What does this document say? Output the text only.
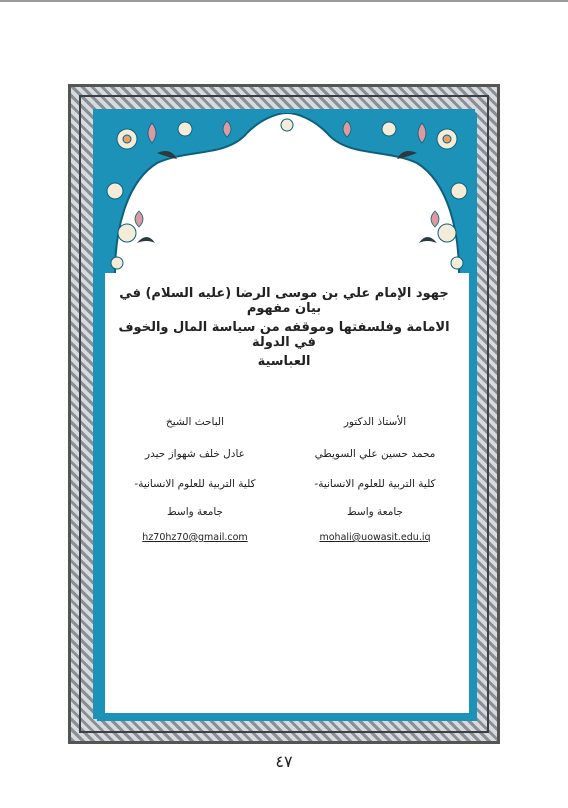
جهود الإمام علي بن موسى الرضا (عليه السلام) في بيان مفهوم
الامامة وفلسفتها وموقفه من سياسة المال والخوف في الدولة
العباسية
الأستاذ الدكتور
محمد حسين علي السويطي
كلية التربية للعلوم الانسانية-
جامعة واسط
mohali@uowasit.edu.iq
الباحث الشيخ
عادل خلف شهواز حيدر
كلية التربية للعلوم الانسانية-
جامعة واسط
hz70hz70@gmail.com
٤٧
